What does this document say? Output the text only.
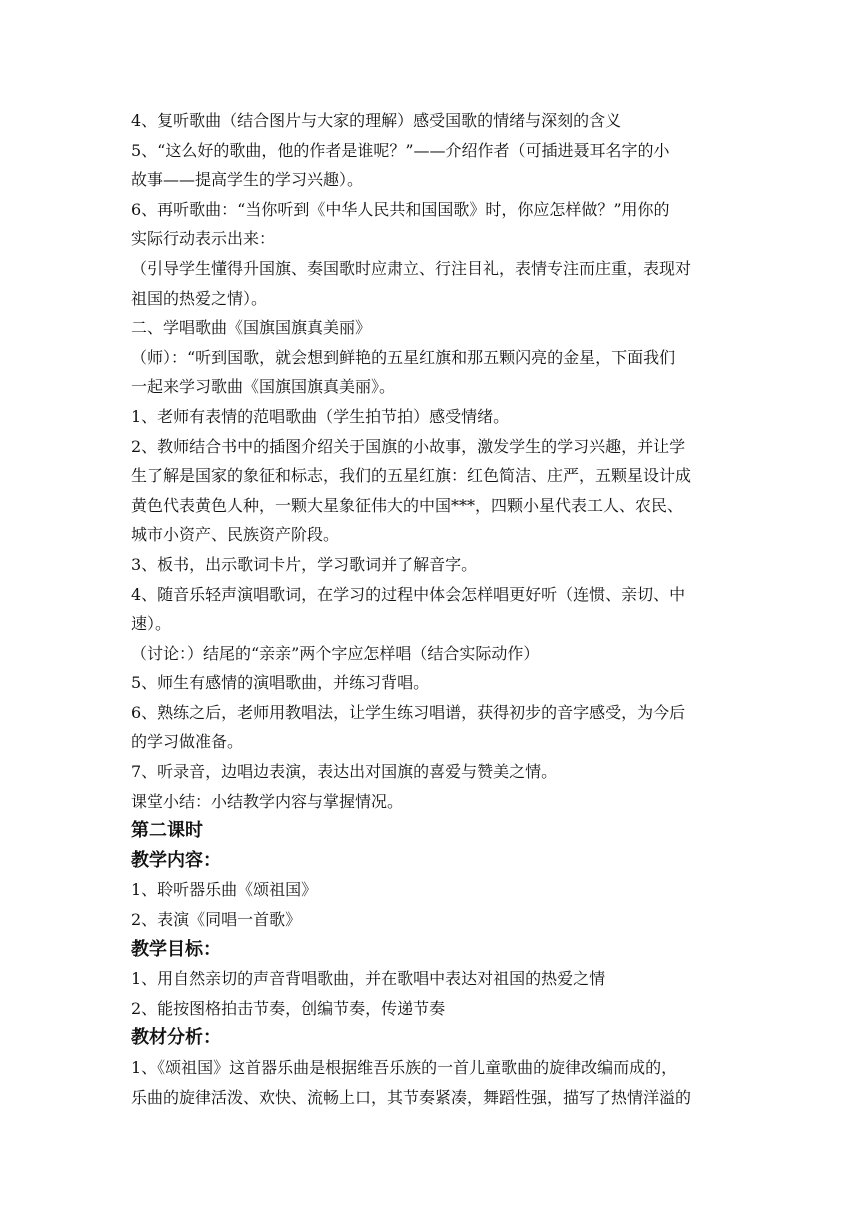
4、复听歌曲（结合图片与大家的理解）感受国歌的情绪与深刻的含义

5、“这么好的歌曲，他的作者是谁呢？”——介绍作者（可插进聂耳名字的小

故事——提高学生的学习兴趣）。

6、再听歌曲：“当你听到《中华人民共和国国歌》时，你应怎样做？”用你的

实际行动表示出来：

（引导学生懂得升国旗、奏国歌时应肃立、行注目礼，表情专注而庄重，表现对

祖国的热爱之情）。

二、学唱歌曲《国旗国旗真美丽》

（师）：“听到国歌，就会想到鲜艳的五星红旗和那五颗闪亮的金星，下面我们

一起来学习歌曲《国旗国旗真美丽》。

1、老师有表情的范唱歌曲（学生拍节拍）感受情绪。

2、教师结合书中的插图介绍关于国旗的小故事，激发学生的学习兴趣，并让学

生了解是国家的象征和标志，我们的五星红旗：红色简洁、庄严，五颗星设计成

黄色代表黄色人种，一颗大星象征伟大的中国***，四颗小星代表工人、农民、

城市小资产、民族资产阶段。

3、板书，出示歌词卡片，学习歌词并了解音字。

4、随音乐轻声演唱歌词，在学习的过程中体会怎样唱更好听（连惯、亲切、中

速）。

（讨论：）结尾的“亲亲”两个字应怎样唱（结合实际动作）

5、师生有感情的演唱歌曲，并练习背唱。

6、熟练之后，老师用教唱法，让学生练习唱谱，获得初步的音字感受，为今后

的学习做准备。

7、听录音，边唱边表演，表达出对国旗的喜爱与赞美之情。

课堂小结：小结教学内容与掌握情况。

第二课时

教学内容：

1、聆听器乐曲《颂祖国》

2、表演《同唱一首歌》

教学目标：

1、用自然亲切的声音背唱歌曲，并在歌唱中表达对祖国的热爱之情

2、能按图格拍击节奏，创编节奏，传递节奏

教材分析：

1、《颂祖国》这首器乐曲是根据维吾乐族的一首儿童歌曲的旋律改编而成的，

乐曲的旋律活泼、欢快、流畅上口，其节奏紧凑，舞蹈性强，描写了热情洋溢的
